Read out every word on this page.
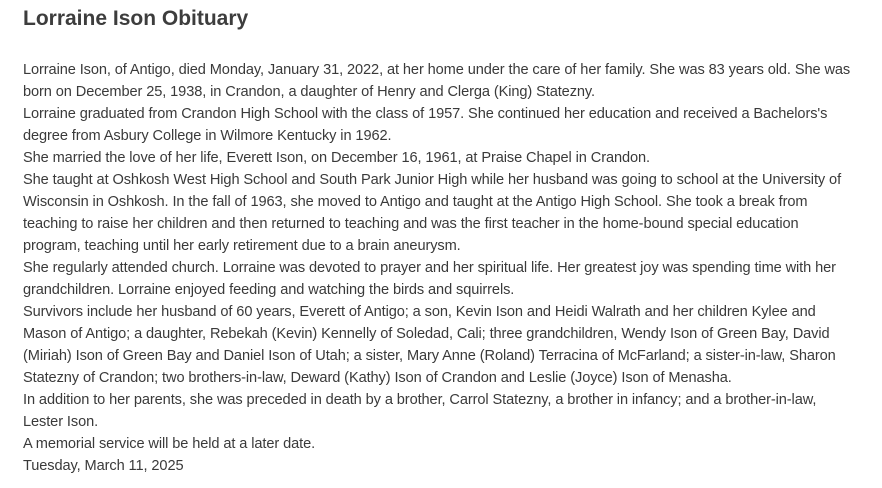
Lorraine Ison Obituary

Lorraine Ison, of Antigo, died Monday, January 31, 2022, at her home under the care of her family. She was 83 years old. She was born on December 25, 1938, in Crandon, a daughter of Henry and Clerga (King) Statezny.

Lorraine graduated from Crandon High School with the class of 1957. She continued her education and received a Bachelors's degree from Asbury College in Wilmore Kentucky in 1962.

She married the love of her life, Everett Ison, on December 16, 1961, at Praise Chapel in Crandon.

She taught at Oshkosh West High School and South Park Junior High while her husband was going to school at the University of Wisconsin in Oshkosh. In the fall of 1963, she moved to Antigo and taught at the Antigo High School. She took a break from teaching to raise her children and then returned to teaching and was the first teacher in the home-bound special education program, teaching until her early retirement due to a brain aneurysm.

She regularly attended church. Lorraine was devoted to prayer and her spiritual life. Her greatest joy was spending time with her grandchildren. Lorraine enjoyed feeding and watching the birds and squirrels.

Survivors include her husband of 60 years, Everett of Antigo; a son, Kevin Ison and Heidi Walrath and her children Kylee and Mason of Antigo; a daughter, Rebekah (Kevin) Kennelly of Soledad, Cali; three grandchildren, Wendy Ison of Green Bay, David (Miriah) Ison of Green Bay and Daniel Ison of Utah; a sister, Mary Anne (Roland) Terracina of McFarland; a sister-in-law, Sharon Statezny of Crandon; two brothers-in-law, Deward (Kathy) Ison of Crandon and Leslie (Joyce) Ison of Menasha.

In addition to her parents, she was preceded in death by a brother, Carrol Statezny, a brother in infancy; and a brother-in-law, Lester Ison.

A memorial service will be held at a later date.

Tuesday, March 11, 2025
